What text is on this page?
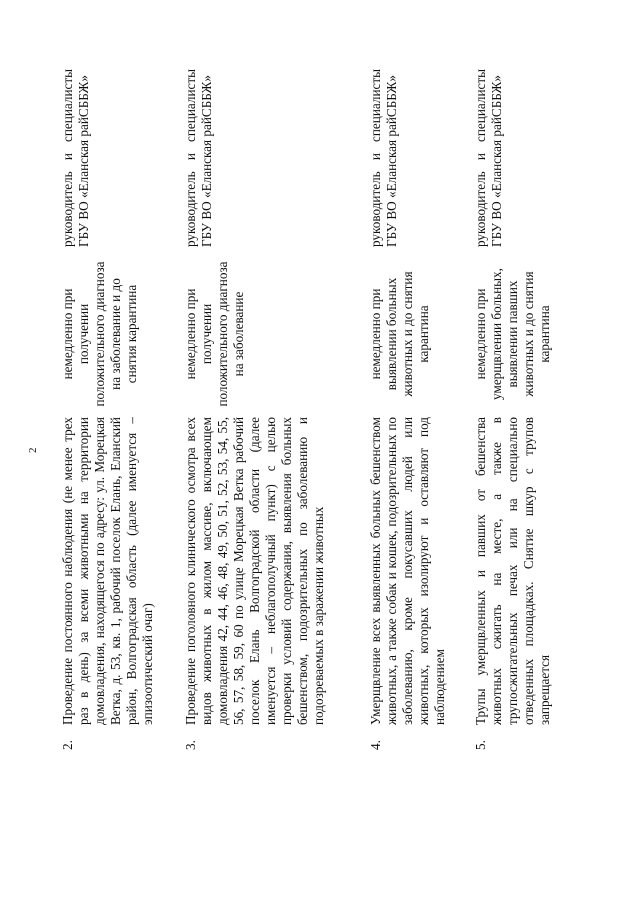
2
2.
Проведение постоянного наблюдения (не менее трех раз в день) за всеми животными на территории домовладения, находящегося по адресу: ул. Морецкая Ветка, д. 53, кв. 1, рабочий поселок Елань, Еланский район, Волгоградская область (далее именуется – эпизоотический очаг)
немедленно при получении положительного диагноза на заболевание и до снятия карантина
руководитель и специалисты ГБУ ВО «Еланская райСББЖ»
3.
Проведение поголовного клинического осмотра всех видов животных в жилом массиве, включающем домовладения 42, 44, 46, 48, 49, 50, 51, 52, 53, 54, 55, 56, 57, 58, 59, 60 по улице Морецкая Ветка рабочий поселок Елань Волгоградской области (далее именуется – неблагополучный пункт) с целью проверки условий содержания, выявления больных бешенством, подозрительных по заболеванию и подозреваемых в заражении животных
немедленно при получении положительного диагноза на заболевание
руководитель и специалисты ГБУ ВО «Еланская райСББЖ»
4.
Умерщвление всех выявленных больных бешенством животных, а также собак и кошек, подозрительных по заболеванию, кроме покусавших людей или животных, которых изолируют и оставляют под наблюдением
немедленно при выявлении больных животных и до снятия карантина
руководитель и специалисты ГБУ ВО «Еланская райСББЖ»
5.
Трупы умерщвленных и павших от бешенства животных сжигать на месте, а также в трупосжигательных печах или на специально отведенных площадках. Снятие шкур с трупов запрещается
немедленно при умерщвлении больных, выявлении павших животных и до снятия карантина
руководитель и специалисты ГБУ ВО «Еланская райСББЖ»
